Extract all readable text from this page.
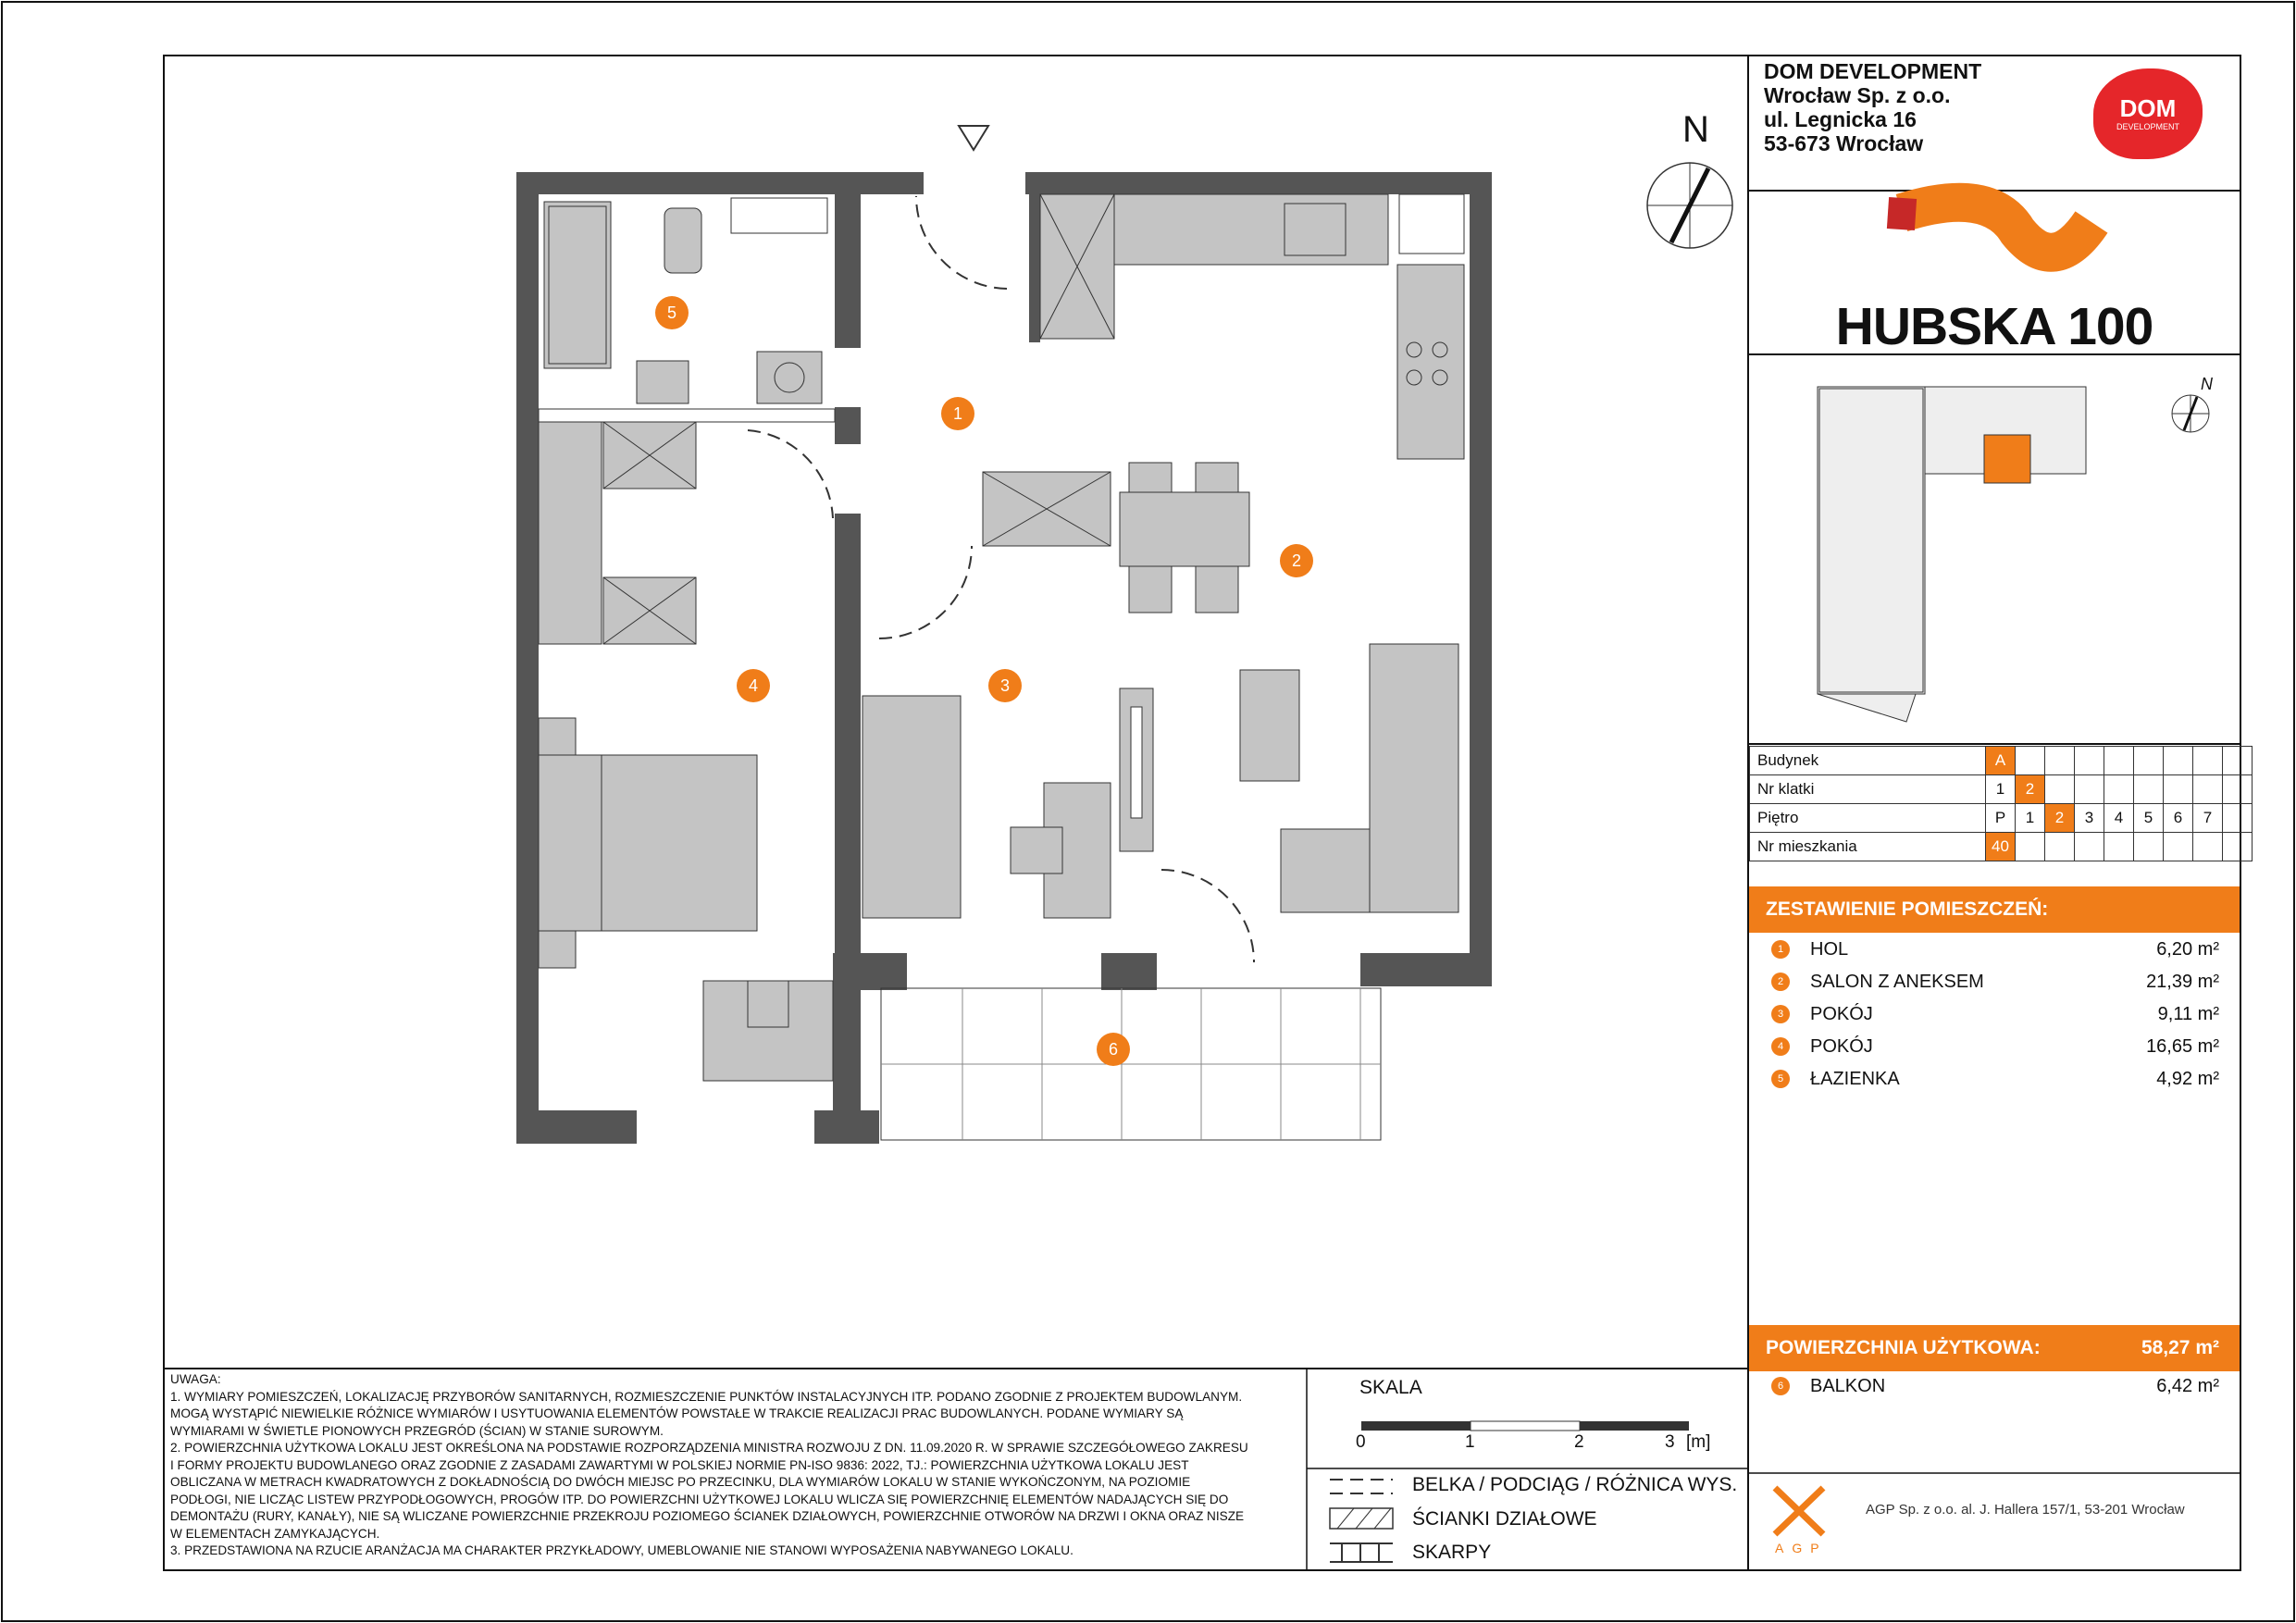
1
2
3
4
5
6
N
N
DOM DEVELOPMENT
Wrocław Sp. z o.o.
ul. Legnicka 16
53-673 Wrocław
DOM
DEVELOPMENT
HUBSKA 100
Budynek	A								
Nr klatki	1	2							
Piętro	P	1	2	3	4	5	6	7	
Nr mieszkania	40								
ZESTAWIENIE POMIESZCZEŃ:
1	HOL	6,20 m²
2	SALON Z ANEKSEM	21,39 m²
3	POKÓJ	9,11 m²
4	POKÓJ	16,65 m²
5	ŁAZIENKA	4,92 m²
POWIERZCHNIA UŻYTKOWA:	58,27 m²
6	BALKON	6,42 m²
UWAGA:
1. WYMIARY POMIESZCZEŃ, LOKALIZACJĘ PRZYBORÓW SANITARNYCH, ROZMIESZCZENIE PUNKTÓW INSTALACYJNYCH ITP. PODANO ZGODNIE Z PROJEKTEM BUDOWLANYM.
MOGĄ WYSTĄPIĆ NIEWIELKIE RÓŻNICE WYMIARÓW I USYTUOWANIA ELEMENTÓW POWSTAŁE W TRAKCIE REALIZACJI PRAC BUDOWLANYCH. PODANE WYMIARY SĄ
WYMIARAMI W ŚWIETLE PIONOWYCH PRZEGRÓD (ŚCIAN) W STANIE SUROWYM.
2. POWIERZCHNIA UŻYTKOWA LOKALU JEST OKREŚLONA NA PODSTAWIE ROZPORZĄDZENIA MINISTRA ROZWOJU Z DN. 11.09.2020 R. W SPRAWIE SZCZEGÓŁOWEGO ZAKRESU
I FORMY PROJEKTU BUDOWLANEGO ORAZ ZGODNIE Z ZASADAMI ZAWARTYMI W POLSKIEJ NORMIE PN-ISO 9836: 2022, TJ.: POWIERZCHNIA UŻYTKOWA LOKALU JEST
OBLICZANA W METRACH KWADRATOWYCH Z DOKŁADNOŚCIĄ DO DWÓCH MIEJSC PO PRZECINKU, DLA WYMIARÓW LOKALU W STANIE WYKOŃCZONYM, NA POZIOMIE
PODŁOGI, NIE LICZĄC LISTEW PRZYPODŁOGOWYCH, PROGÓW ITP. DO POWIERZCHNI UŻYTKOWEJ LOKALU WLICZA SIĘ POWIERZCHNIĘ ELEMENTÓW NADAJĄCYCH SIĘ DO
DEMONTAŻU (RURY, KANAŁY), NIE SĄ WLICZANE POWIERZCHNIE PRZEKROJU POZIOMEGO ŚCIANEK DZIAŁOWYCH, POWIERZCHNIE OTWORÓW NA DRZWI I OKNA ORAZ NISZE
W ELEMENTACH ZAMYKAJĄCYCH.
3. PRZEDSTAWIONA NA RZUCIE ARANŻACJA MA CHARAKTER PRZYKŁADOWY, UMEBLOWANIE NIE STANOWI WYPOSAŻENIA NABYWANEGO LOKALU.
SKALA
0	1	2	3 [m]
BELKA / PODCIĄG / RÓŻNICA WYS.
ŚCIANKI DZIAŁOWE
SKARPY
AGP Sp. z o.o. al. J. Hallera 157/1, 53-201 Wrocław
AGP
